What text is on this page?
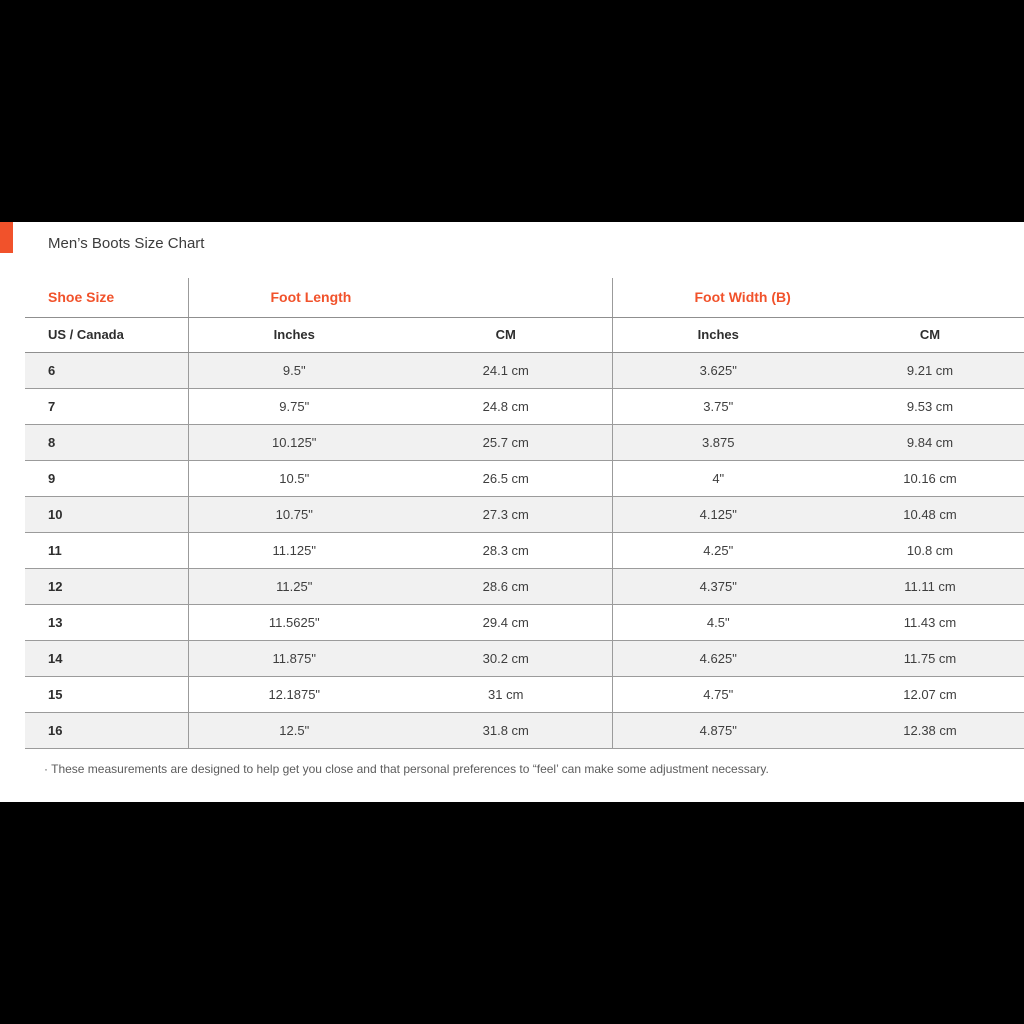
Men’s Boots Size Chart
Shoe Size	Foot Length		Foot Width (B)	
US / Canada	Inches	CM	Inches	CM
6	9.5"	24.1 cm	3.625"	9.21 cm
7	9.75"	24.8 cm	3.75"	9.53 cm
8	10.125"	25.7 cm	3.875	9.84 cm
9	10.5"	26.5 cm	4"	10.16 cm
10	10.75"	27.3 cm	4.125"	10.48 cm
11	11.125"	28.3 cm	4.25"	10.8 cm
12	11.25"	28.6 cm	4.375"	11.11 cm
13	11.5625"	29.4 cm	4.5"	11.43 cm
14	11.875"	30.2 cm	4.625"	11.75 cm
15	12.1875"	31 cm	4.75"	12.07 cm
16	12.5"	31.8 cm	4.875"	12.38 cm
· These measurements are designed to help get you close and that personal preferences to “feel’ can make some adjustment necessary.
